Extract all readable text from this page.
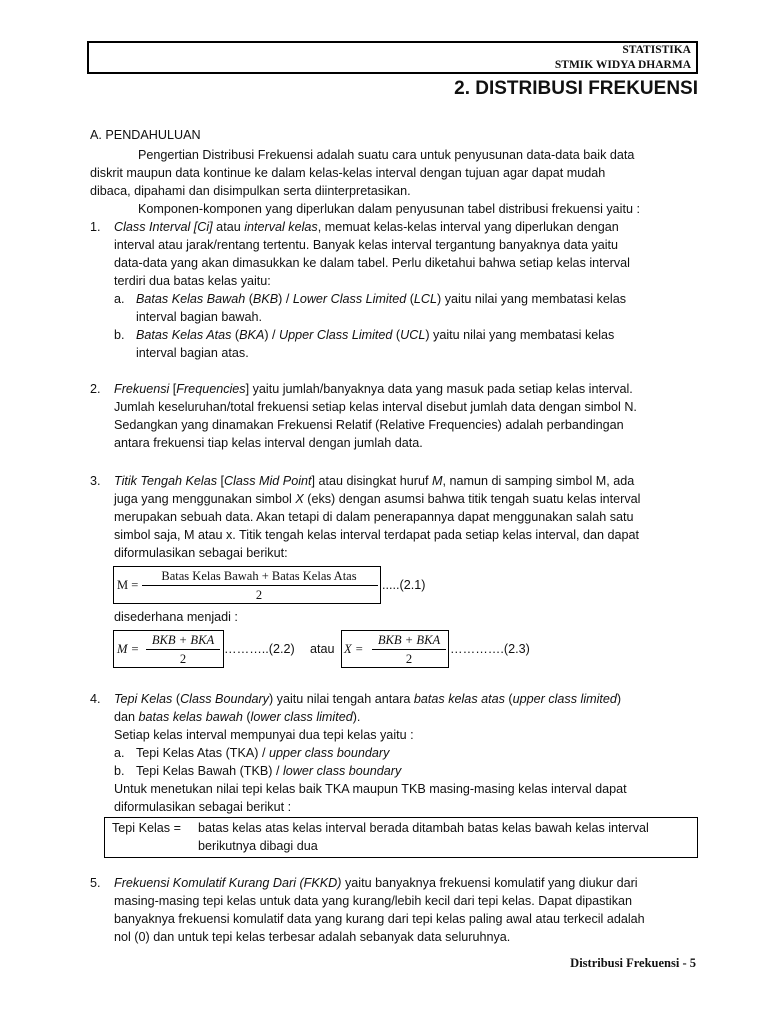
STATISTIKA
STMIK WIDYA DHARMA
2. DISTRIBUSI FREKUENSI
A. PENDAHULUAN
Pengertian Distribusi Frekuensi adalah suatu cara untuk penyusunan data-data baik data
diskrit maupun data kontinue ke dalam kelas-kelas interval dengan tujuan agar dapat mudah
dibaca, dipahami dan disimpulkan serta diinterpretasikan.
Komponen-komponen yang diperlukan dalam penyusunan tabel distribusi frekuensi yaitu :
1. Class Interval [Ci] atau interval kelas, memuat kelas-kelas interval yang diperlukan dengan
interval atau jarak/rentang tertentu. Banyak kelas interval tergantung banyaknya data yaitu
data-data yang akan dimasukkan ke dalam tabel. Perlu diketahui bahwa setiap kelas interval
terdiri dua batas kelas yaitu:
a. Batas Kelas Bawah (BKB) / Lower Class Limited (LCL) yaitu nilai yang membatasi kelas
interval bagian bawah.
b. Batas Kelas Atas (BKA) / Upper Class Limited (UCL) yaitu nilai yang membatasi kelas
interval bagian atas.
2. Frekuensi [Frequencies] yaitu jumlah/banyaknya data yang masuk pada setiap kelas interval.
Jumlah keseluruhan/total frekuensi setiap kelas interval disebut jumlah data dengan simbol N.
Sedangkan yang dinamakan Frekuensi Relatif (Relative Frequencies) adalah perbandingan
antara frekuensi tiap kelas interval dengan jumlah data.
3. Titik Tengah Kelas [Class Mid Point] atau disingkat huruf M, namun di samping simbol M, ada
juga yang menggunakan simbol X (eks) dengan asumsi bahwa titik tengah suatu kelas interval
merupakan sebuah data. Akan tetapi di dalam penerapannya dapat menggunakan salah satu
simbol saja, M atau x. Titik tengah kelas interval terdapat pada setiap kelas interval, dan dapat
diformulasikan sebagai berikut:
M =
Batas Kelas Bawah + Batas Kelas Atas
2
.....(2.1)
disederhana menjadi :
M =
BKB + BKA
2
………..(2.2) atau X =
BKB + BKA
2
………….(2.3)
4. Tepi Kelas (Class Boundary) yaitu nilai tengah antara batas kelas atas (upper class limited)
dan batas kelas bawah (lower class limited).
Setiap kelas interval mempunyai dua tepi kelas yaitu :
a. Tepi Kelas Atas (TKA) / upper class boundary
b. Tepi Kelas Bawah (TKB) / lower class boundary
Untuk menetukan nilai tepi kelas baik TKA maupun TKB masing-masing kelas interval dapat
diformulasikan sebagai berikut :
Tepi Kelas = batas kelas atas kelas interval berada ditambah batas kelas bawah kelas interval
berikutnya dibagi dua
5. Frekuensi Komulatif Kurang Dari (FKKD) yaitu banyaknya frekuensi komulatif yang diukur dari
masing-masing tepi kelas untuk data yang kurang/lebih kecil dari tepi kelas. Dapat dipastikan
banyaknya frekuensi komulatif data yang kurang dari tepi kelas paling awal atau terkecil adalah
nol (0) dan untuk tepi kelas terbesar adalah sebanyak data seluruhnya.
Distribusi Frekuensi - 5
